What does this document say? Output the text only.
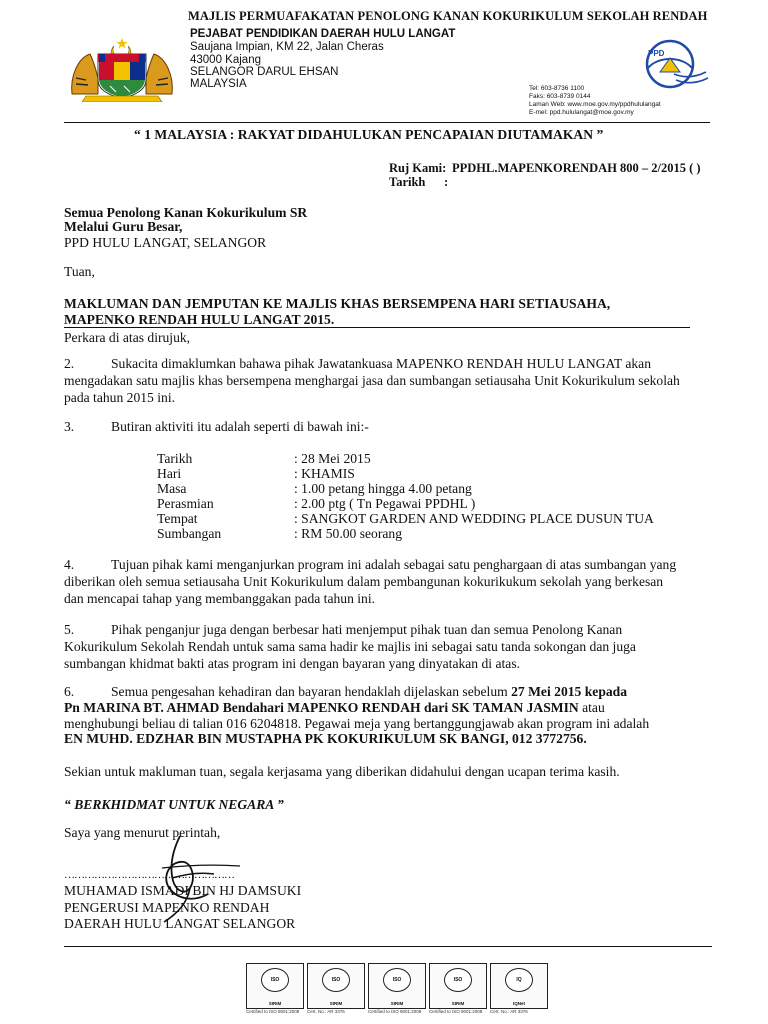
MAJLIS PERMUAFAKATAN PENOLONG KANAN KOKURIKULUM SEKOLAH RENDAH
PEJABAT PENDIDIKAN DAERAH HULU LANGAT
Saujana Impian, KM 22, Jalan Cheras
43000 Kajang
SELANGOR DARUL EHSAN
MALAYSIA
PPD
Tel: 603-8736 1100
Faks: 603-8739 0144
Laman Web: www.moe.gov.my/ppdhululangat
E-mel: ppd.hululangat@moe.gov.my
“ 1 MALAYSIA : RAKYAT DIDAHULUKAN PENCAPAIAN DIUTAMAKAN ”
Ruj Kami: PPDHL.MAPENKORENDAH 800 – 2/2015 ( )
Tarikh :
Semua Penolong Kanan Kokurikulum SR
Melalui Guru Besar,
PPD HULU LANGAT, SELANGOR
Tuan,
MAKLUMAN DAN JEMPUTAN KE MAJLIS KHAS BERSEMPENA HARI SETIAUSAHA,
MAPENKO RENDAH HULU LANGAT 2015.
Perkara di atas dirujuk,
2.	Sukacita dimaklumkan bahawa pihak Jawatankuasa MAPENKO RENDAH HULU LANGAT akan
mengadakan satu majlis khas bersempena menghargai jasa dan sumbangan setiausaha Unit Kokurikulum sekolah
pada tahun 2015 ini.
3.	Butiran aktiviti itu adalah seperti di bawah ini:-
Tarikh	: 28 Mei 2015
Hari	: KHAMIS
Masa	: 1.00 petang hingga 4.00 petang
Perasmian	: 2.00 ptg ( Tn Pegawai PPDHL )
Tempat	: SANGKOT GARDEN AND WEDDING PLACE DUSUN TUA
Sumbangan	: RM 50.00 seorang
4.	Tujuan pihak kami menganjurkan program ini adalah sebagai satu penghargaan di atas sumbangan yang
diberikan oleh semua setiausaha Unit Kokurikulum dalam pembangunan kokurikukum sekolah yang berkesan
dan mencapai tahap yang membanggakan pada tahun ini.
5.	Pihak penganjur juga dengan berbesar hati menjemput pihak tuan dan semua Penolong Kanan
Kokurikulum Sekolah Rendah untuk sama sama hadir ke majlis ini sebagai satu tanda sokongan dan juga
sumbangan khidmat bakti atas program ini dengan bayaran yang dinyatakan di atas.
6.	Semua pengesahan kehadiran dan bayaran hendaklah dijelaskan sebelum 27 Mei 2015 kepada
Pn MARINA BT. AHMAD Bendahari MAPENKO RENDAH dari SK TAMAN JASMIN atau
menghubungi beliau di talian 016 6204818. Pegawai meja yang bertanggungjawab akan program ini adalah
EN MUHD. EDZHAR BIN MUSTAPHA PK KOKURIKULUM SK BANGI, 012 3772756.
Sekian untuk makluman tuan, segala kerjasama yang diberikan didahului dengan ucapan terima kasih.
“ BERKHIDMAT UNTUK NEGARA ”
Saya yang menurut perintah,
……………………………………………
MUHAMAD ISMADI BIN HJ DAMSUKI
PENGERUSI MAPENKO RENDAH
DAERAH HULU LANGAT SELANGOR
ISO
SIRIM
ISO
SIRIM
ISO
SIRIM
ISO
SIRIM
IQ
IQNet
Certified to ISO 9001:2008 Cert. No.: AR 3376	Certified to ISO 9001:2008 Certified to ISO 9001:2008 Cert. No.: AR 3376
